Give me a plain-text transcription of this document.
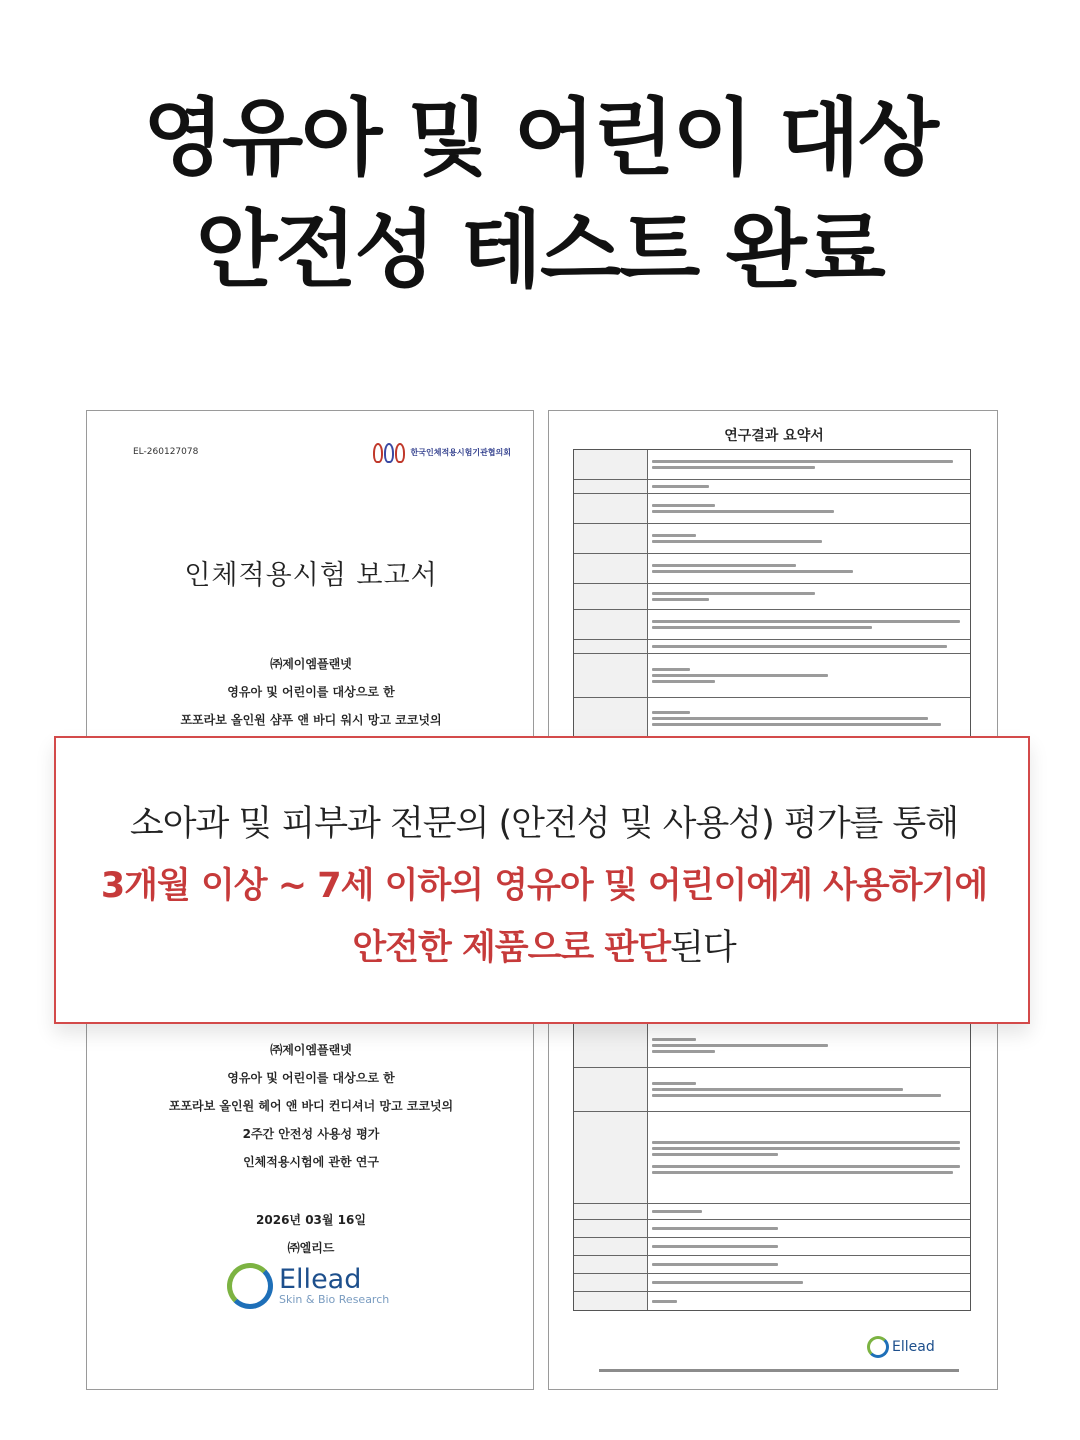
영유아 및 어린이 대상
안전성 테스트 완료
EL-260127078	한국인체적용시험기관협의회
인체적용시험 보고서
㈜제이엠플랜넷
영유아 및 어린이를 대상으로 한
포포라보 올인원 샴푸 앤 바디 워시 망고 코코넛의
㈜제이엠플랜넷
영유아 및 어린이를 대상으로 한
포포라보 올인원 헤어 앤 바디 컨디셔너 망고 코코넛의
2주간 안전성 사용성 평가
인체적용시험에 관한 연구
2026년 03월 16일
㈜엘리드
Ellead
Skin & Bio Research
연구결과 요약서
Ellead
소아과 및 피부과 전문의 (안전성 및 사용성) 평가를 통해
3개월 이상 ~ 7세 이하의 영유아 및 어린이에게 사용하기에
안전한 제품으로 판단된다
